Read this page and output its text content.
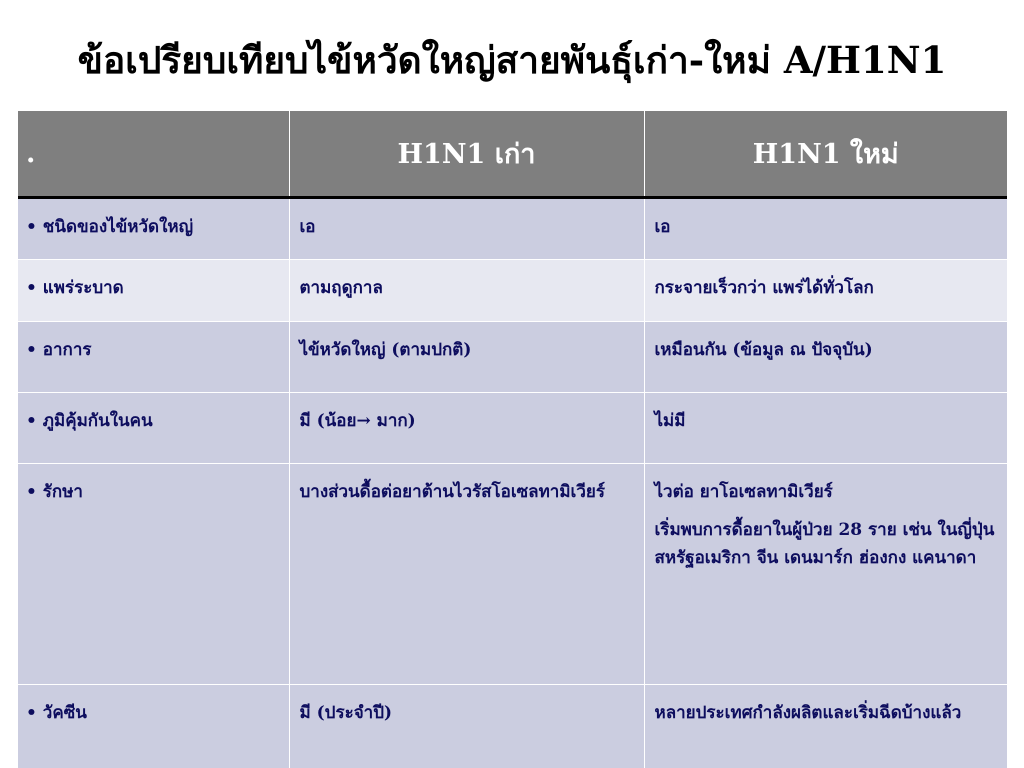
ข้อเปรียบเทียบไข้หวัดใหญ่สายพันธุ์เก่า-ใหม่ A/H1N1
.	H1N1 เก่า	H1N1 ใหม่
• ชนิดของไข้หวัดใหญ่	เอ	เอ

• แพร่ระบาด	ตามฤดูกาล	กระจายเร็วกว่า แพร่ได้ทั่วโลก

• อาการ	ไข้หวัดใหญ่ (ตามปกติ)	เหมือนกัน (ข้อมูล ณ ปัจจุบัน)

• ภูมิคุ้มกันในคน	มี (น้อย→ มาก)	ไม่มี

• รักษา	บางส่วนดื้อต่อยาต้านไวรัสโอเซลทามิเวียร์	ไวต่อ ยาโอเซลทามิเวียร์

เริ่มพบการดื้อยาในผู้ป่วย 28 ราย เช่น ในญี่ปุ่น สหรัฐอเมริกา จีน เดนมาร์ก ฮ่องกง แคนาดา

• วัคซีน	มี (ประจำปี)	หลายประเทศกำลังผลิตและเริ่มฉีดบ้างแล้ว
